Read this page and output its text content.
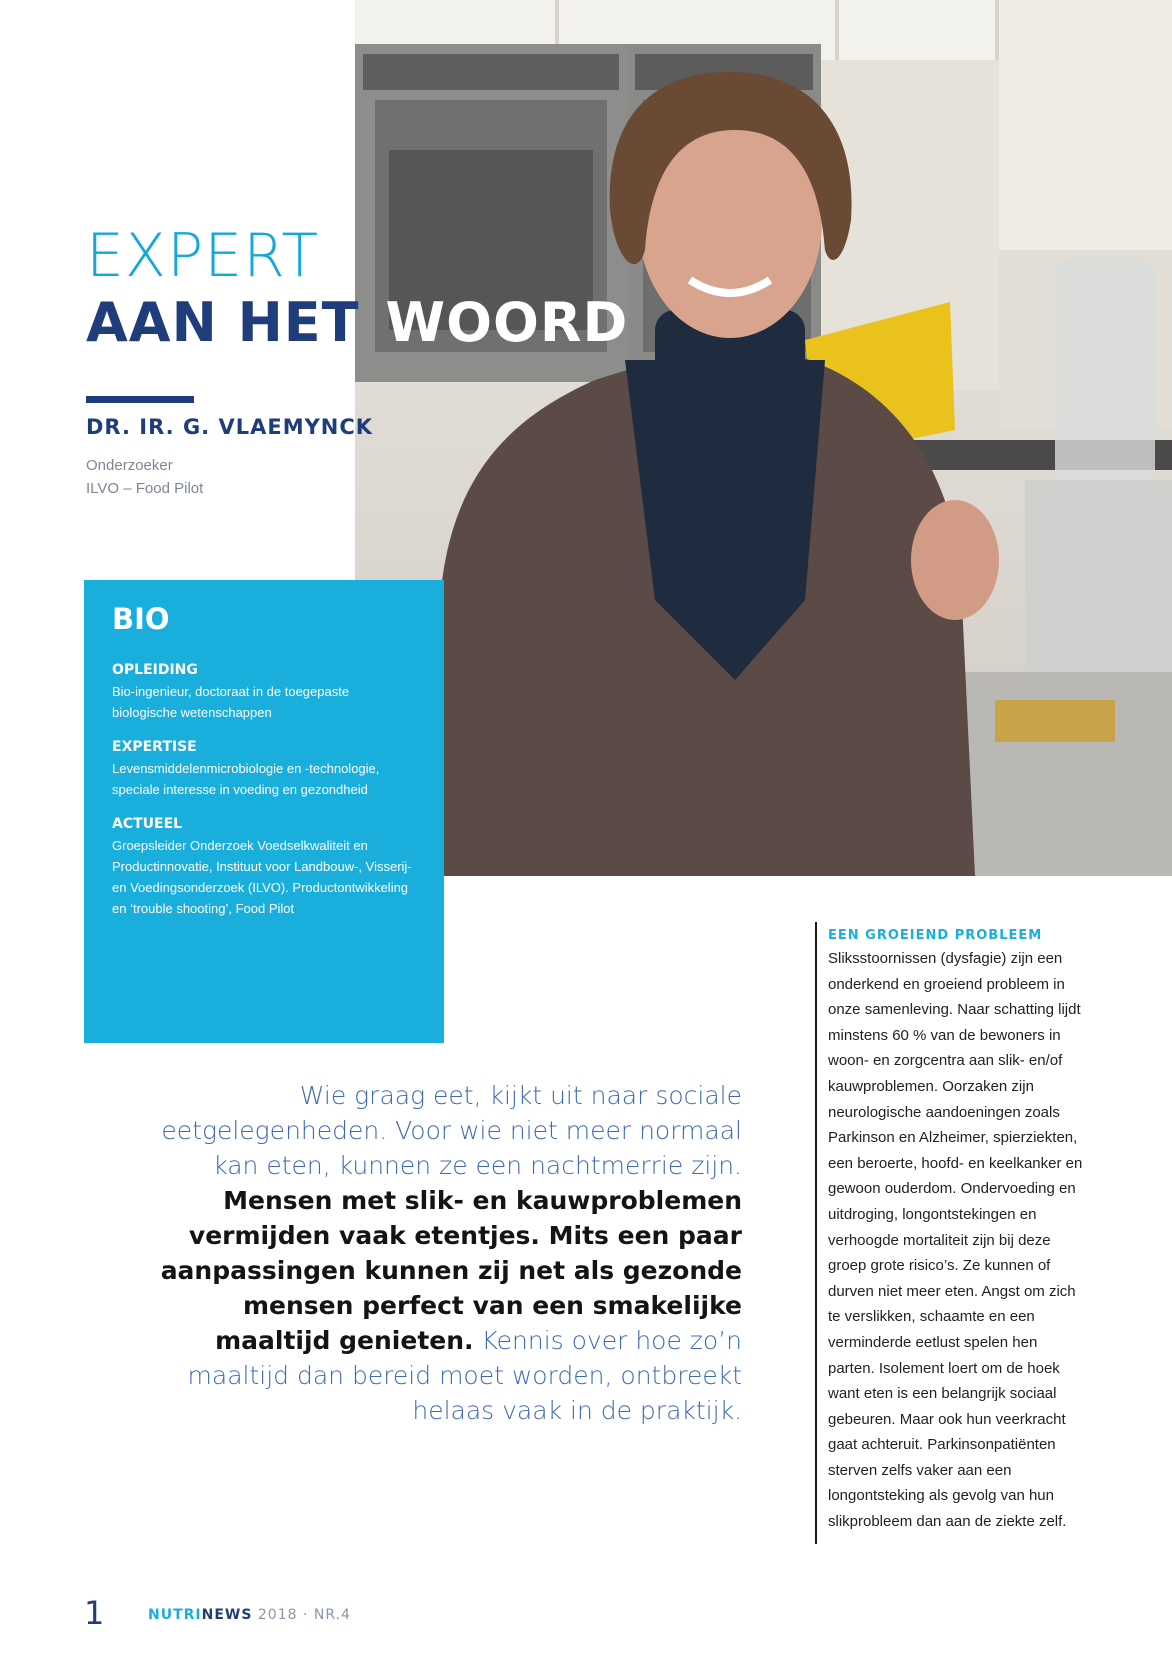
EXPERT
AAN HET WOORD
DR. IR. G. VLAEMYNCK
Onderzoeker
ILVO – Food Pilot
BIO
OPLEIDING
Bio-ingenieur, doctoraat in de toegepaste biologische wetenschappen
EXPERTISE
Levensmiddelenmicrobiologie en -technologie, speciale interesse in voeding en gezondheid
ACTUEEL
Groepsleider Onderzoek Voedselkwaliteit en Productinnovatie, Instituut voor Landbouw-, Visserij- en Voedingsonderzoek (ILVO). Productontwikkeling en ‘trouble shooting’, Food Pilot

Wie graag eet, kijkt uit naar sociale eetgelegenheden. Voor wie niet meer normaal kan eten, kunnen ze een nachtmerrie zijn. Mensen met slik- en kauwproblemen vermijden vaak etentjes. Mits een paar aanpassingen kunnen zij net als gezonde mensen perfect van een smakelijke maaltijd genieten. Kennis over hoe zo’n maaltijd dan bereid moet worden, ontbreekt helaas vaak in de praktijk.

EEN GROEIEND PROBLEEM

Sliksstoornissen (dysfagie) zijn een onderkend en groeiend probleem in onze samenleving. Naar schatting lijdt minstens 60 % van de bewoners in woon- en zorgcentra aan slik- en/of kauwproblemen. Oorzaken zijn neurologische aandoeningen zoals Parkinson en Alzheimer, spierziekten, een beroerte, hoofd- en keelkanker en gewoon ouderdom. Ondervoeding en uitdroging, longontstekingen en verhoogde mortaliteit zijn bij deze groep grote risico’s. Ze kunnen of durven niet meer eten. Angst om zich te verslikken, schaamte en een verminderde eetlust spelen hen parten. Isolement loert om de hoek want eten is een belangrijk sociaal gebeuren. Maar ook hun veerkracht gaat achteruit. Parkinsonpatiënten sterven zelfs vaker aan een longontsteking als gevolg van hun slikprobleem dan aan de ziekte zelf.

1	NUTRINEWS 2018 · NR.4
